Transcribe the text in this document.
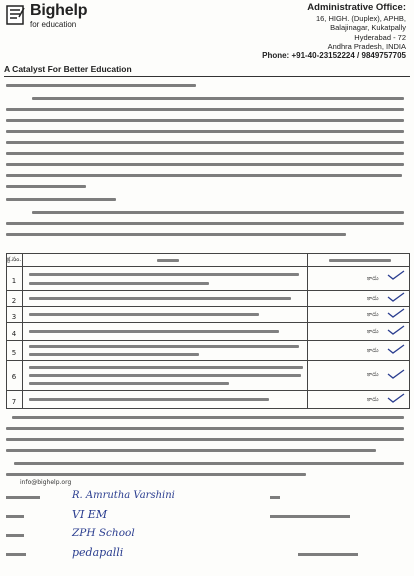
Bighelp
for education
A Catalyst For Better Education
Administrative Office:
16, HIGH. (Duplex), APHB,
Balajinagar, Kukatpally
Hyderabad - 72
Andhra Pradesh, INDIA
Phone: +91-40-23152224 / 9849757705
క్ర.సం.
1	కాదు
2	కాదు
3	కాదు
4	కాదు
5	కాదు
6	కాదు
7	కాదు
info@bighelp.org
R. Amrutha Varshini
VI EM
ZPH School
pedapalli
